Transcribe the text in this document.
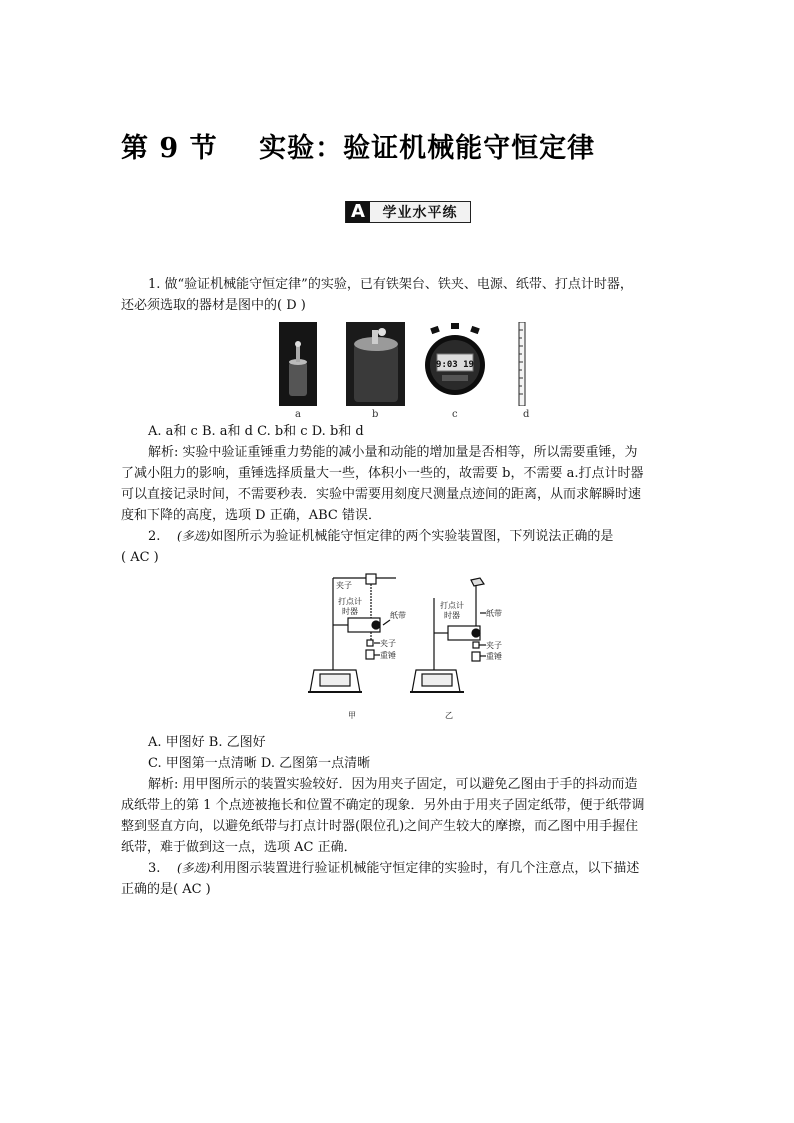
第 9 节    实验：验证机械能守恒定律
A	学业水平练
1. 做“验证机械能守恒定律”的实验，已有铁架台、铁夹、电源、纸带、打点计时器，
还必须选取的器材是图中的( D )
a	b
9:03 19
c	d
A. a和 c B. a和 d C. b和 c D. b和 d
解析: 实验中验证重锤重力势能的减小量和动能的增加量是否相等，所以需要重锤，为
了减小阻力的影响，重锤选择质量大一些，体积小一些的，故需要 b，不需要 a.打点计时器
可以直接记录时间，不需要秒表．实验中需要用刻度尺测量点迹间的距离，从而求解瞬时速
度和下降的高度，选项 D 正确，ABC 错误．
2. (多选)如图所示为验证机械能守恒定律的两个实验装置图，下列说法正确的是
( AC )
夹子
打点计
时器	纸带
夹子
重锤
打点计
时器	纸带
夹子
重锤
甲	乙
A. 甲图好 B. 乙图好
C. 甲图第一点清晰 D. 乙图第一点清晰
解析: 用甲图所示的装置实验较好．因为用夹子固定，可以避免乙图由于手的抖动而造
成纸带上的第 1 个点迹被拖长和位置不确定的现象．另外由于用夹子固定纸带，便于纸带调
整到竖直方向，以避免纸带与打点计时器(限位孔)之间产生较大的摩擦，而乙图中用手握住
纸带，难于做到这一点，选项 AC 正确．
3. (多选)利用图示装置进行验证机械能守恒定律的实验时，有几个注意点，以下描述
正确的是( AC )
